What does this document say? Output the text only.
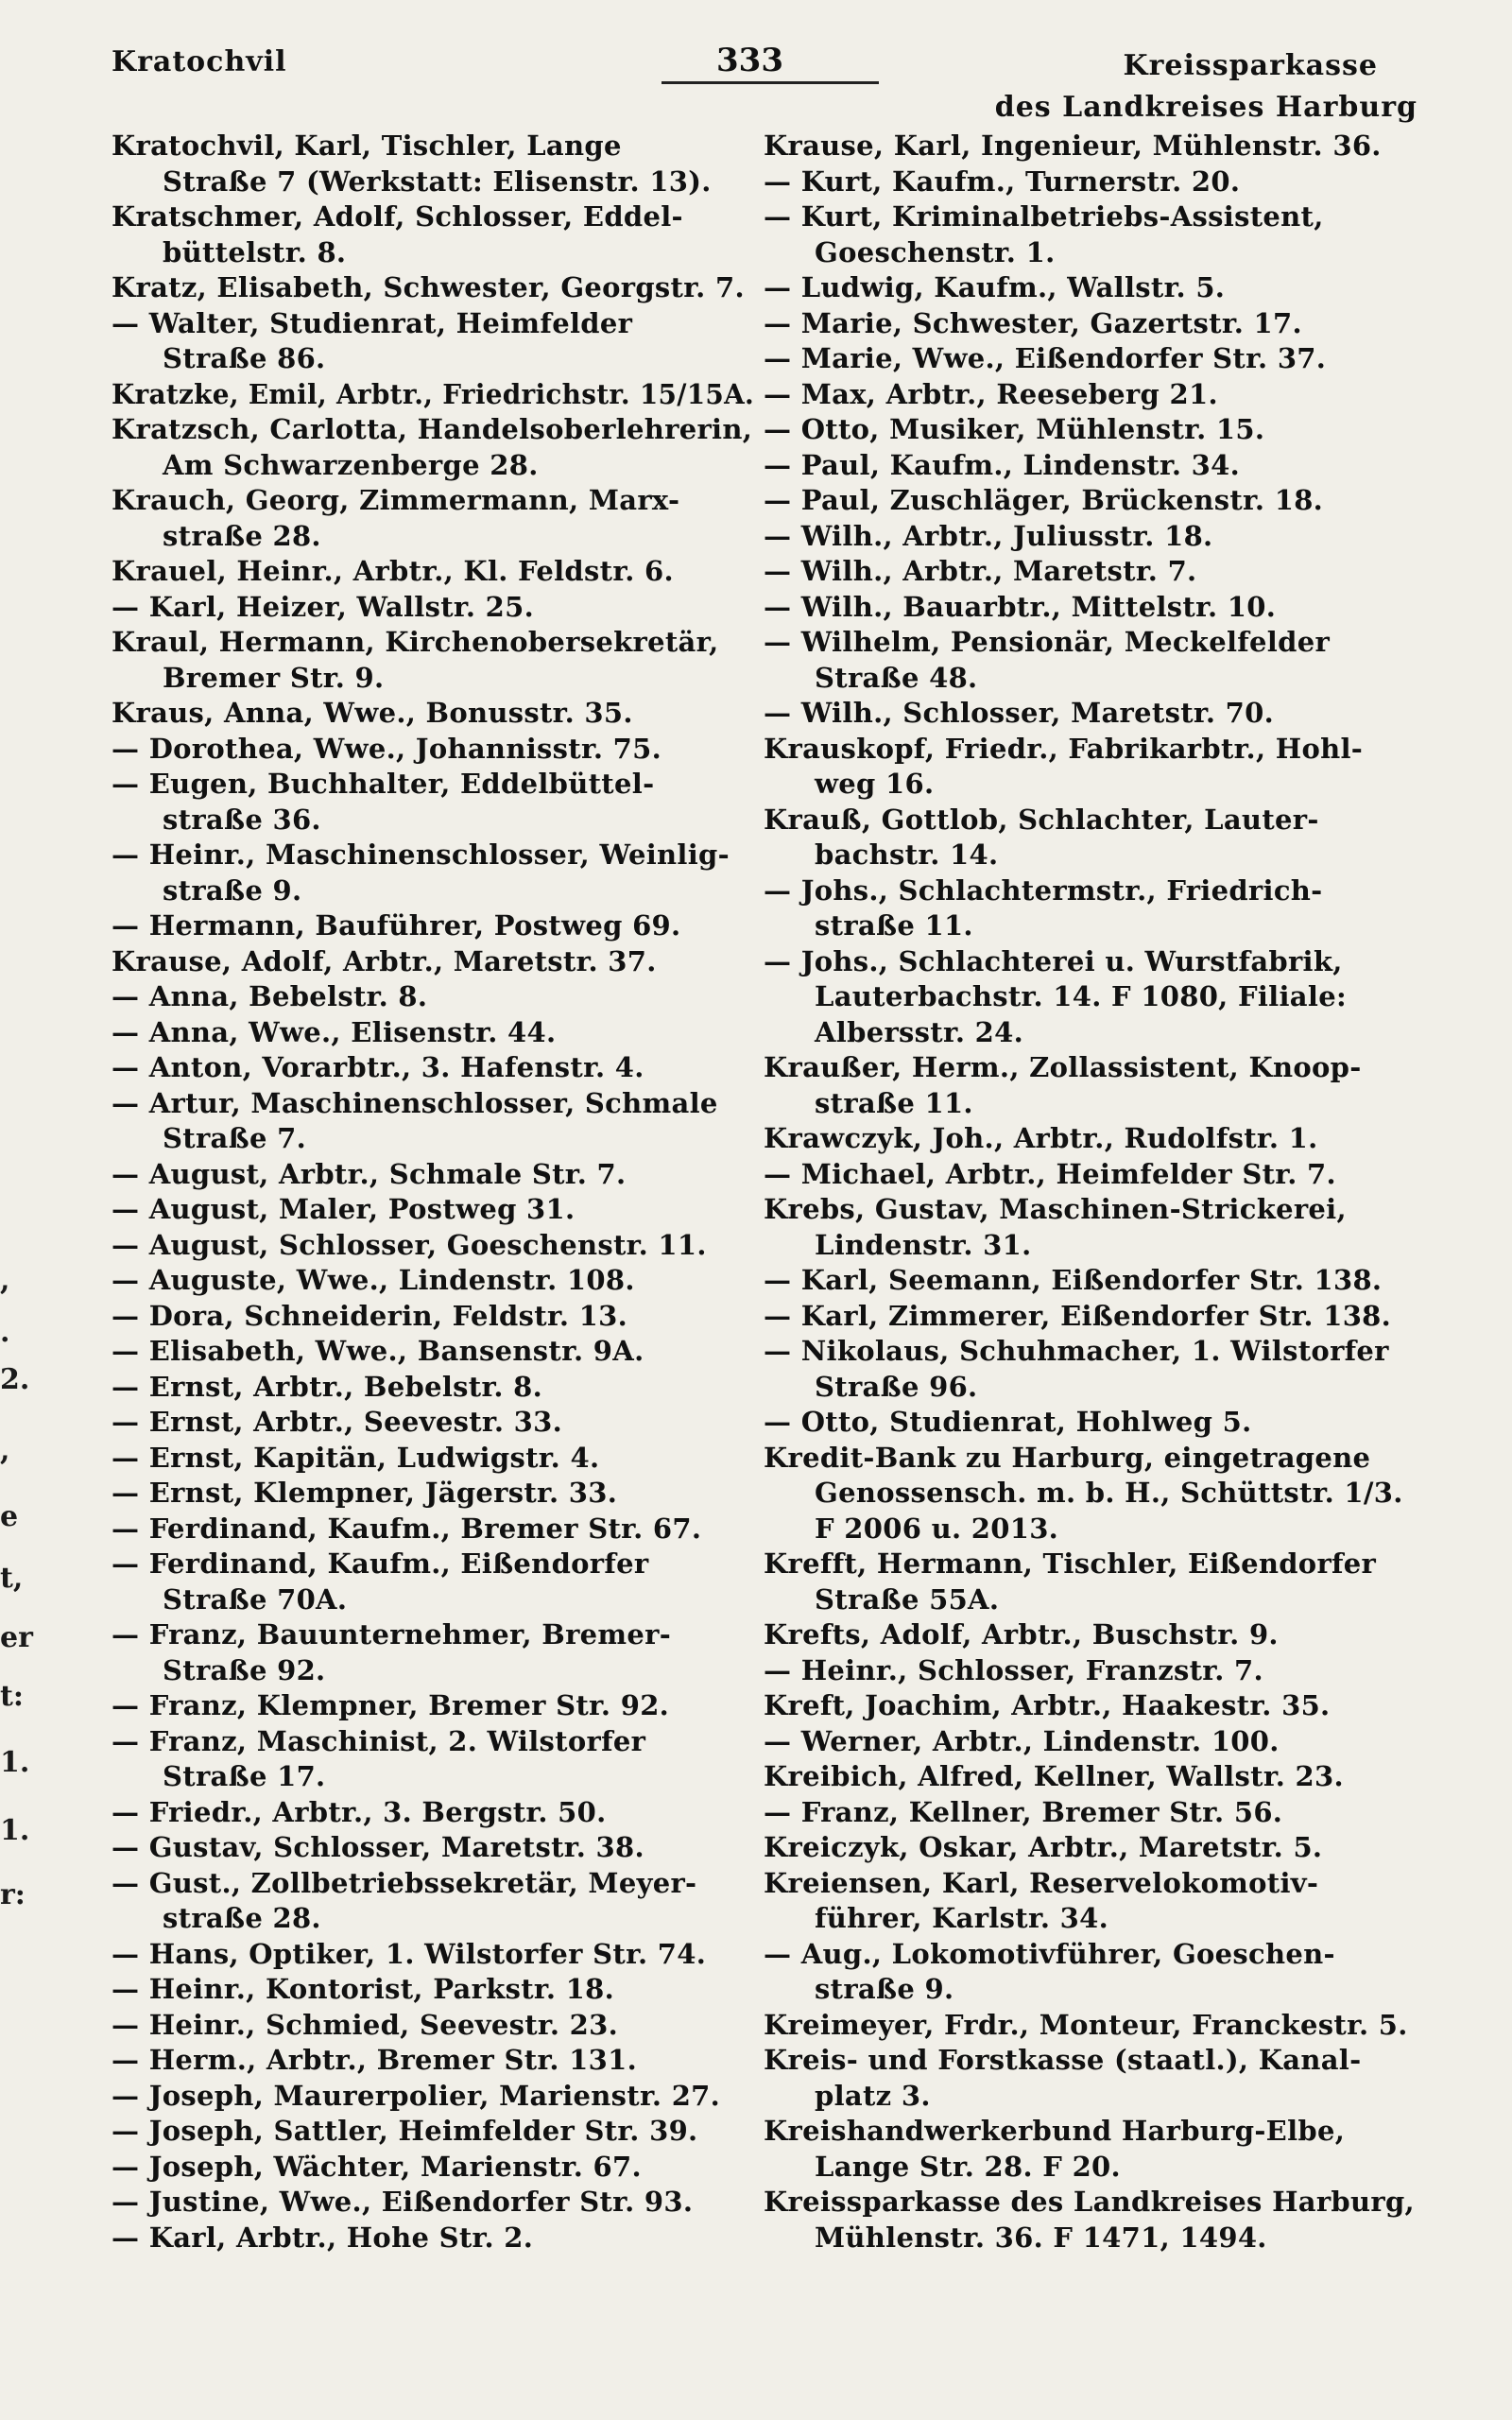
,
.
2.
,
e
t,
er
t:
1.
1.
r:
Kratochvil	333	Kreissparkasse
des Landkreises Harburg
Kratochvil, Karl, Tischler, Lange
Straße 7 (Werkstatt: Elisenstr. 13).
Kratschmer, Adolf, Schlosser, Eddel-
büttelstr. 8.
Kratz, Elisabeth, Schwester, Georgstr. 7.
— Walter, Studienrat, Heimfelder
Straße 86.
Kratzke, Emil, Arbtr., Friedrichstr. 15/15A.
Kratzsch, Carlotta, Handelsoberlehrerin,
Am Schwarzenberge 28.
Krauch, Georg, Zimmermann, Marx-
straße 28.
Krauel, Heinr., Arbtr., Kl. Feldstr. 6.
— Karl, Heizer, Wallstr. 25.
Kraul, Hermann, Kirchenobersekretär,
Bremer Str. 9.
Kraus, Anna, Wwe., Bonusstr. 35.
— Dorothea, Wwe., Johannisstr. 75.
— Eugen, Buchhalter, Eddelbüttel-
straße 36.
— Heinr., Maschinenschlosser, Weinlig-
straße 9.
— Hermann, Bauführer, Postweg 69.
Krause, Adolf, Arbtr., Maretstr. 37.
— Anna, Bebelstr. 8.
— Anna, Wwe., Elisenstr. 44.
— Anton, Vorarbtr., 3. Hafenstr. 4.
— Artur, Maschinenschlosser, Schmale
Straße 7.
— August, Arbtr., Schmale Str. 7.
— August, Maler, Postweg 31.
— August, Schlosser, Goeschenstr. 11.
— Auguste, Wwe., Lindenstr. 108.
— Dora, Schneiderin, Feldstr. 13.
— Elisabeth, Wwe., Bansenstr. 9A.
— Ernst, Arbtr., Bebelstr. 8.
— Ernst, Arbtr., Seevestr. 33.
— Ernst, Kapitän, Ludwigstr. 4.
— Ernst, Klempner, Jägerstr. 33.
— Ferdinand, Kaufm., Bremer Str. 67.
— Ferdinand, Kaufm., Eißendorfer
Straße 70A.
— Franz, Bauunternehmer, Bremer-
Straße 92.
— Franz, Klempner, Bremer Str. 92.
— Franz, Maschinist, 2. Wilstorfer
Straße 17.
— Friedr., Arbtr., 3. Bergstr. 50.
— Gustav, Schlosser, Maretstr. 38.
— Gust., Zollbetriebssekretär, Meyer-
straße 28.
— Hans, Optiker, 1. Wilstorfer Str. 74.
— Heinr., Kontorist, Parkstr. 18.
— Heinr., Schmied, Seevestr. 23.
— Herm., Arbtr., Bremer Str. 131.
— Joseph, Maurerpolier, Marienstr. 27.
— Joseph, Sattler, Heimfelder Str. 39.
— Joseph, Wächter, Marienstr. 67.
— Justine, Wwe., Eißendorfer Str. 93.
— Karl, Arbtr., Hohe Str. 2.
Krause, Karl, Ingenieur, Mühlenstr. 36.
— Kurt, Kaufm., Turnerstr. 20.
— Kurt, Kriminalbetriebs-Assistent,
Goeschenstr. 1.
— Ludwig, Kaufm., Wallstr. 5.
— Marie, Schwester, Gazertstr. 17.
— Marie, Wwe., Eißendorfer Str. 37.
— Max, Arbtr., Reeseberg 21.
— Otto, Musiker, Mühlenstr. 15.
— Paul, Kaufm., Lindenstr. 34.
— Paul, Zuschläger, Brückenstr. 18.
— Wilh., Arbtr., Juliusstr. 18.
— Wilh., Arbtr., Maretstr. 7.
— Wilh., Bauarbtr., Mittelstr. 10.
— Wilhelm, Pensionär, Meckelfelder
Straße 48.
— Wilh., Schlosser, Maretstr. 70.
Krauskopf, Friedr., Fabrikarbtr., Hohl-
weg 16.
Krauß, Gottlob, Schlachter, Lauter-
bachstr. 14.
— Johs., Schlachtermstr., Friedrich-
straße 11.
— Johs., Schlachterei u. Wurstfabrik,
Lauterbachstr. 14. F 1080, Filiale:
Albersstr. 24.
Kraußer, Herm., Zollassistent, Knoop-
straße 11.
Krawczyk, Joh., Arbtr., Rudolfstr. 1.
— Michael, Arbtr., Heimfelder Str. 7.
Krebs, Gustav, Maschinen-Strickerei,
Lindenstr. 31.
— Karl, Seemann, Eißendorfer Str. 138.
— Karl, Zimmerer, Eißendorfer Str. 138.
— Nikolaus, Schuhmacher, 1. Wilstorfer
Straße 96.
— Otto, Studienrat, Hohlweg 5.
Kredit-Bank zu Harburg, eingetragene
Genossensch. m. b. H., Schüttstr. 1/3.
F 2006 u. 2013.
Krefft, Hermann, Tischler, Eißendorfer
Straße 55A.
Krefts, Adolf, Arbtr., Buschstr. 9.
— Heinr., Schlosser, Franzstr. 7.
Kreft, Joachim, Arbtr., Haakestr. 35.
— Werner, Arbtr., Lindenstr. 100.
Kreibich, Alfred, Kellner, Wallstr. 23.
— Franz, Kellner, Bremer Str. 56.
Kreiczyk, Oskar, Arbtr., Maretstr. 5.
Kreiensen, Karl, Reservelokomotiv-
führer, Karlstr. 34.
— Aug., Lokomotivführer, Goeschen-
straße 9.
Kreimeyer, Frdr., Monteur, Franckestr. 5.
Kreis- und Forstkasse (staatl.), Kanal-
platz 3.
Kreishandwerkerbund Harburg-Elbe,
Lange Str. 28. F 20.
Kreissparkasse des Landkreises Harburg,
Mühlenstr. 36. F 1471, 1494.
